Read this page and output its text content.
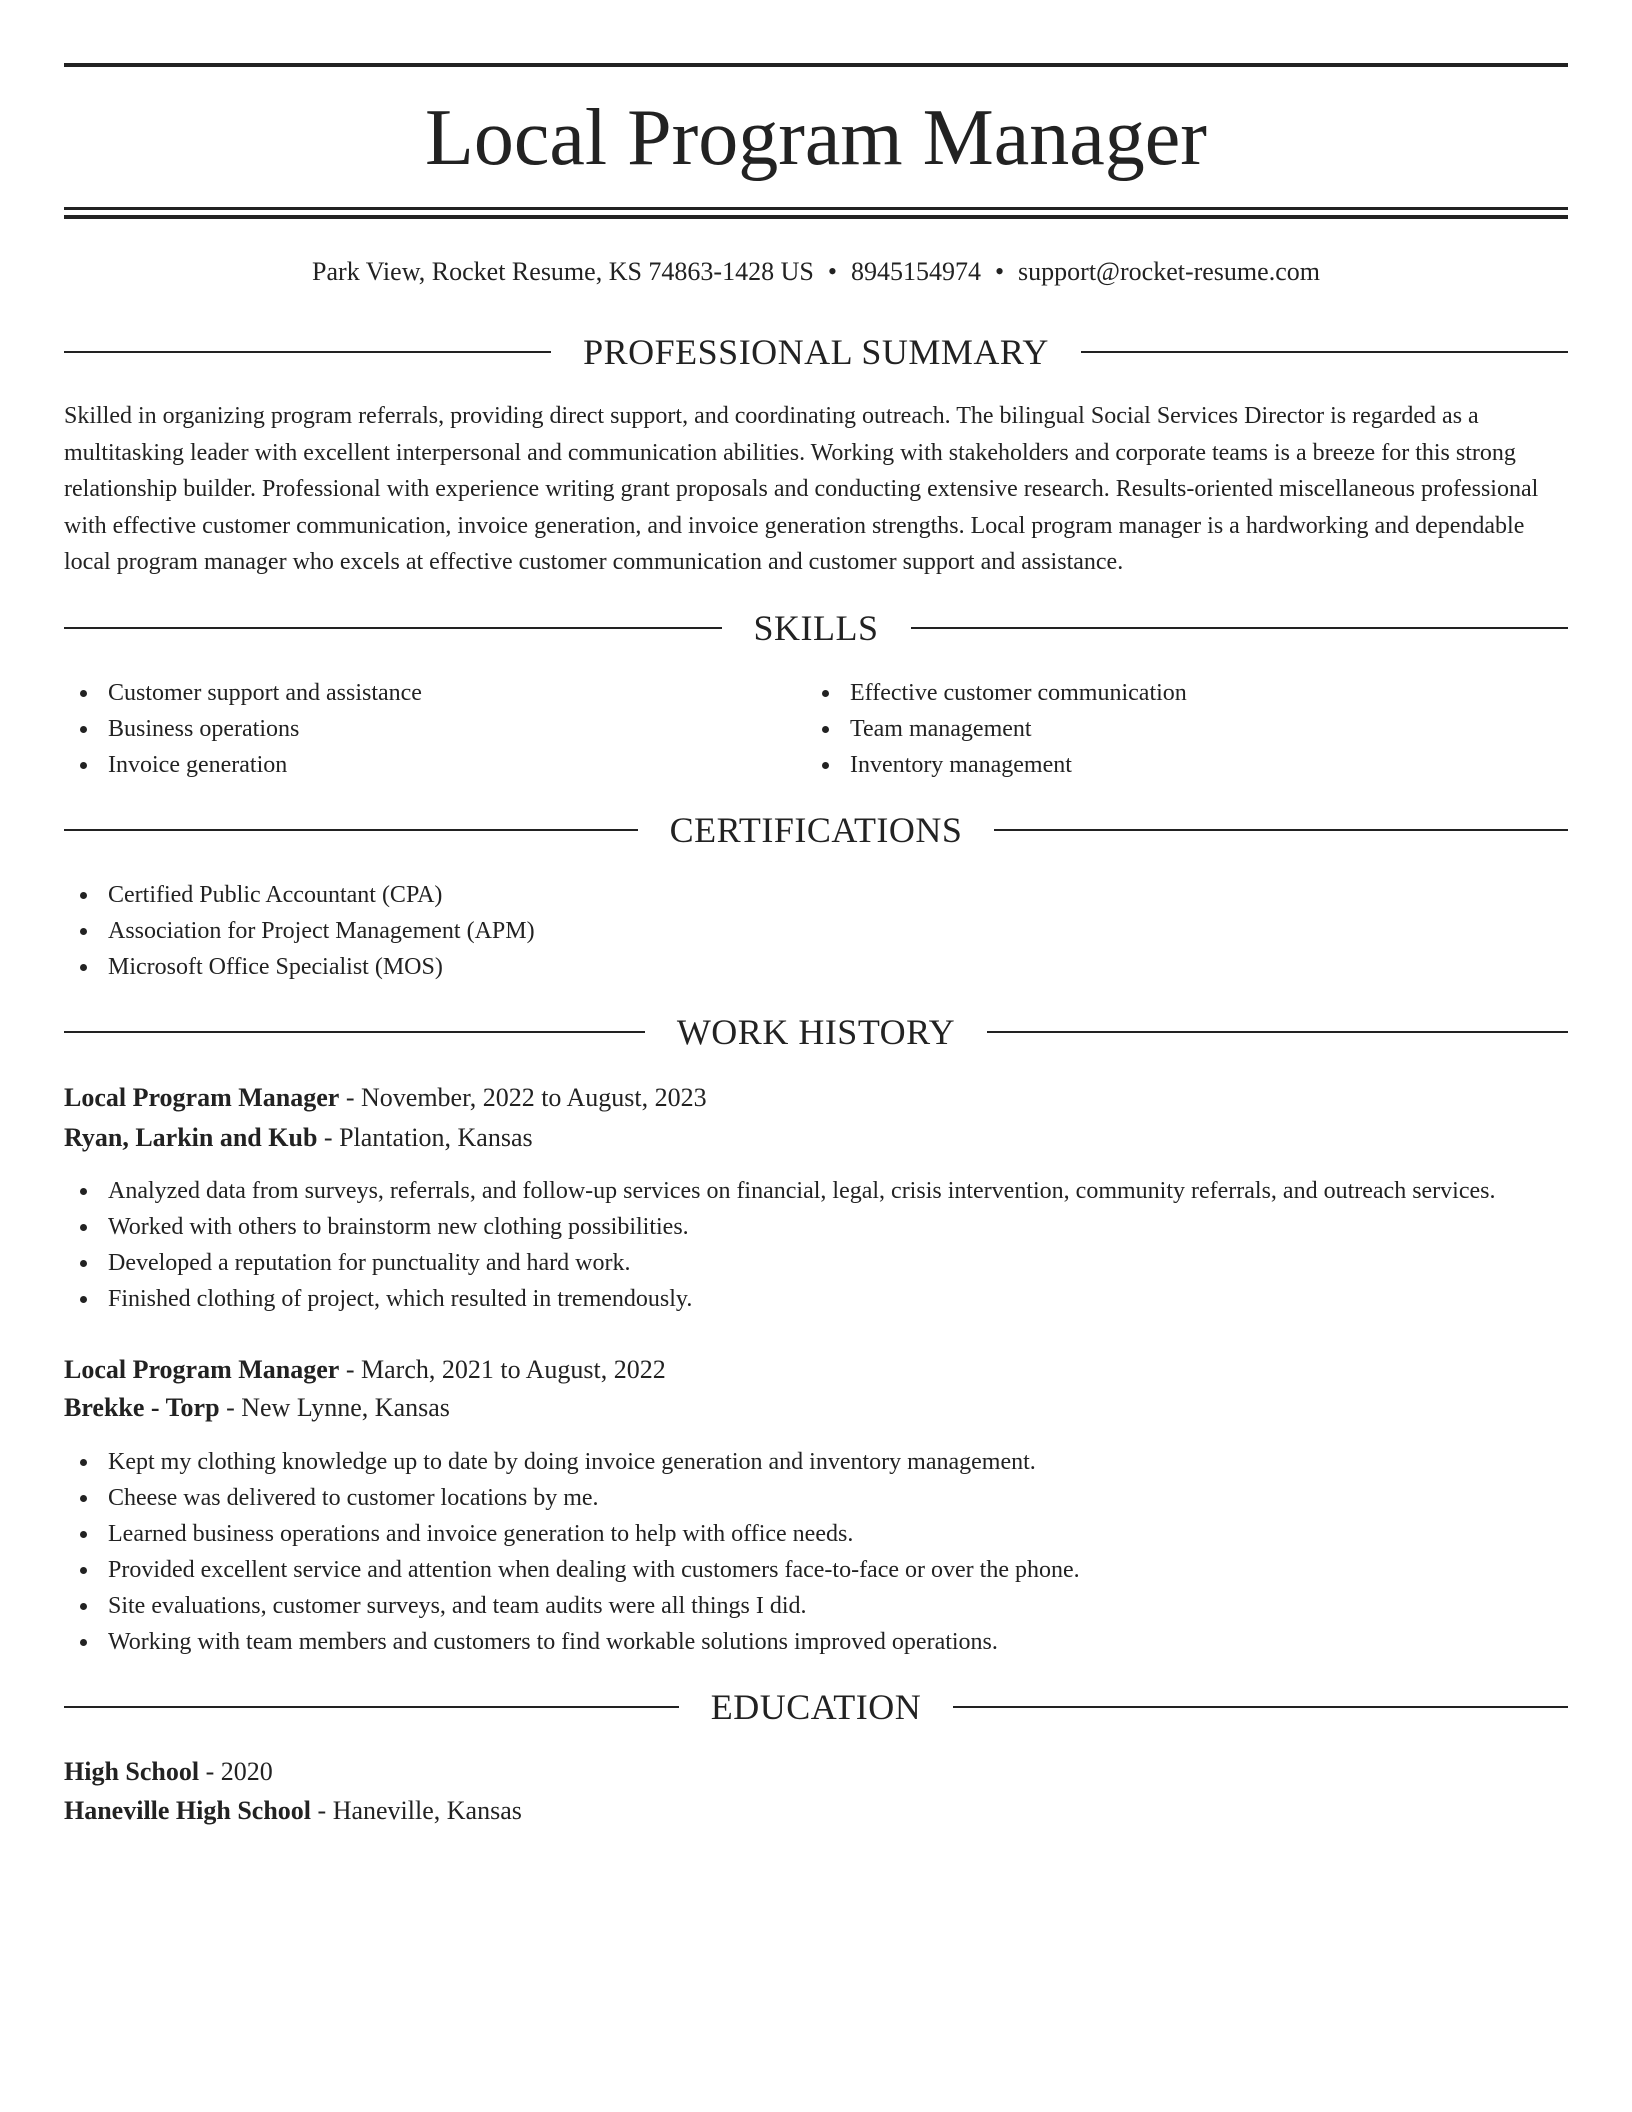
Local Program Manager
Park View, Rocket Resume, KS 74863-1428 US • 8945154974 • support@rocket-resume.com
PROFESSIONAL SUMMARY

Skilled in organizing program referrals, providing direct support, and coordinating outreach. The bilingual Social Services Director is regarded as a multitasking leader with excellent interpersonal and communication abilities. Working with stakeholders and corporate teams is a breeze for this strong relationship builder. Professional with experience writing grant proposals and conducting extensive research. Results-oriented miscellaneous professional with effective customer communication, invoice generation, and invoice generation strengths. Local program manager is a hardworking and dependable local program manager who excels at effective customer communication and customer support and assistance.

SKILLS
Customer support and assistance
Business operations
Invoice generation
Effective customer communication
Team management
Inventory management
CERTIFICATIONS
Certified Public Accountant (CPA)
Association for Project Management (APM)
Microsoft Office Specialist (MOS)
WORK HISTORY
Local Program Manager - November, 2022 to August, 2023
Ryan, Larkin and Kub - Plantation, Kansas
Analyzed data from surveys, referrals, and follow-up services on financial, legal, crisis intervention, community referrals, and outreach services.
Worked with others to brainstorm new clothing possibilities.
Developed a reputation for punctuality and hard work.
Finished clothing of project, which resulted in tremendously.
Local Program Manager - March, 2021 to August, 2022
Brekke - Torp - New Lynne, Kansas
Kept my clothing knowledge up to date by doing invoice generation and inventory management.
Cheese was delivered to customer locations by me.
Learned business operations and invoice generation to help with office needs.
Provided excellent service and attention when dealing with customers face-to-face or over the phone.
Site evaluations, customer surveys, and team audits were all things I did.
Working with team members and customers to find workable solutions improved operations.
EDUCATION
High School - 2020
Haneville High School - Haneville, Kansas
